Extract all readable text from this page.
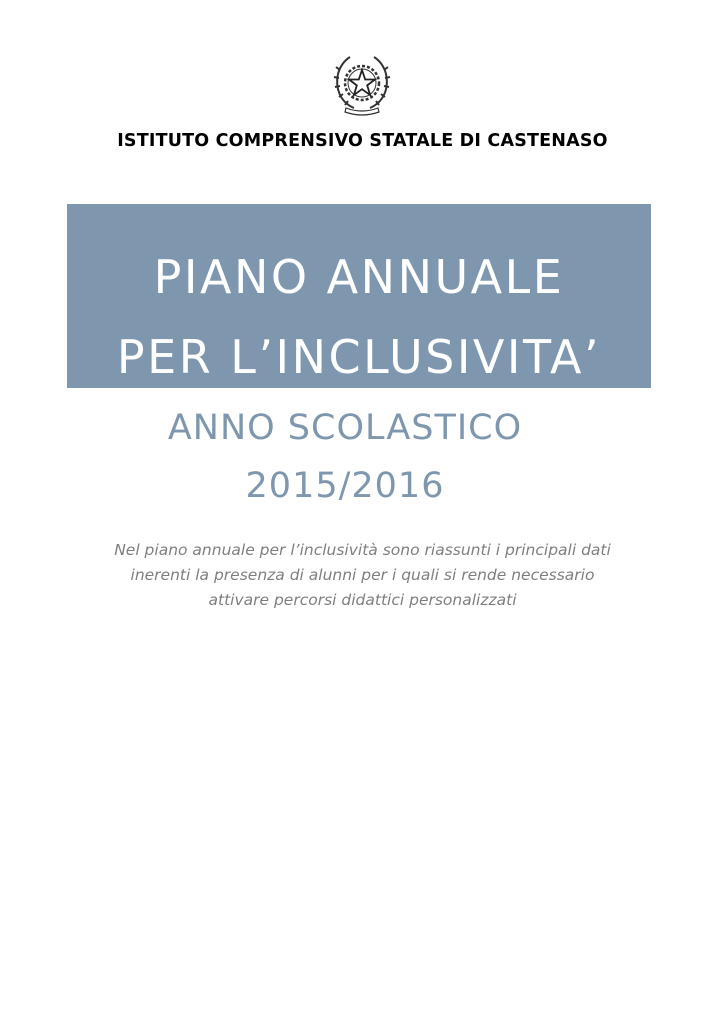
ISTITUTO COMPRENSIVO STATALE DI CASTENASO
PIANO ANNUALE
PER L’INCLUSIVITA’
ANNO SCOLASTICO
2015/2016
Nel piano annuale per l’inclusività sono riassunti i principali dati
inerenti la presenza di alunni per i quali si rende necessario
attivare percorsi didattici personalizzati
